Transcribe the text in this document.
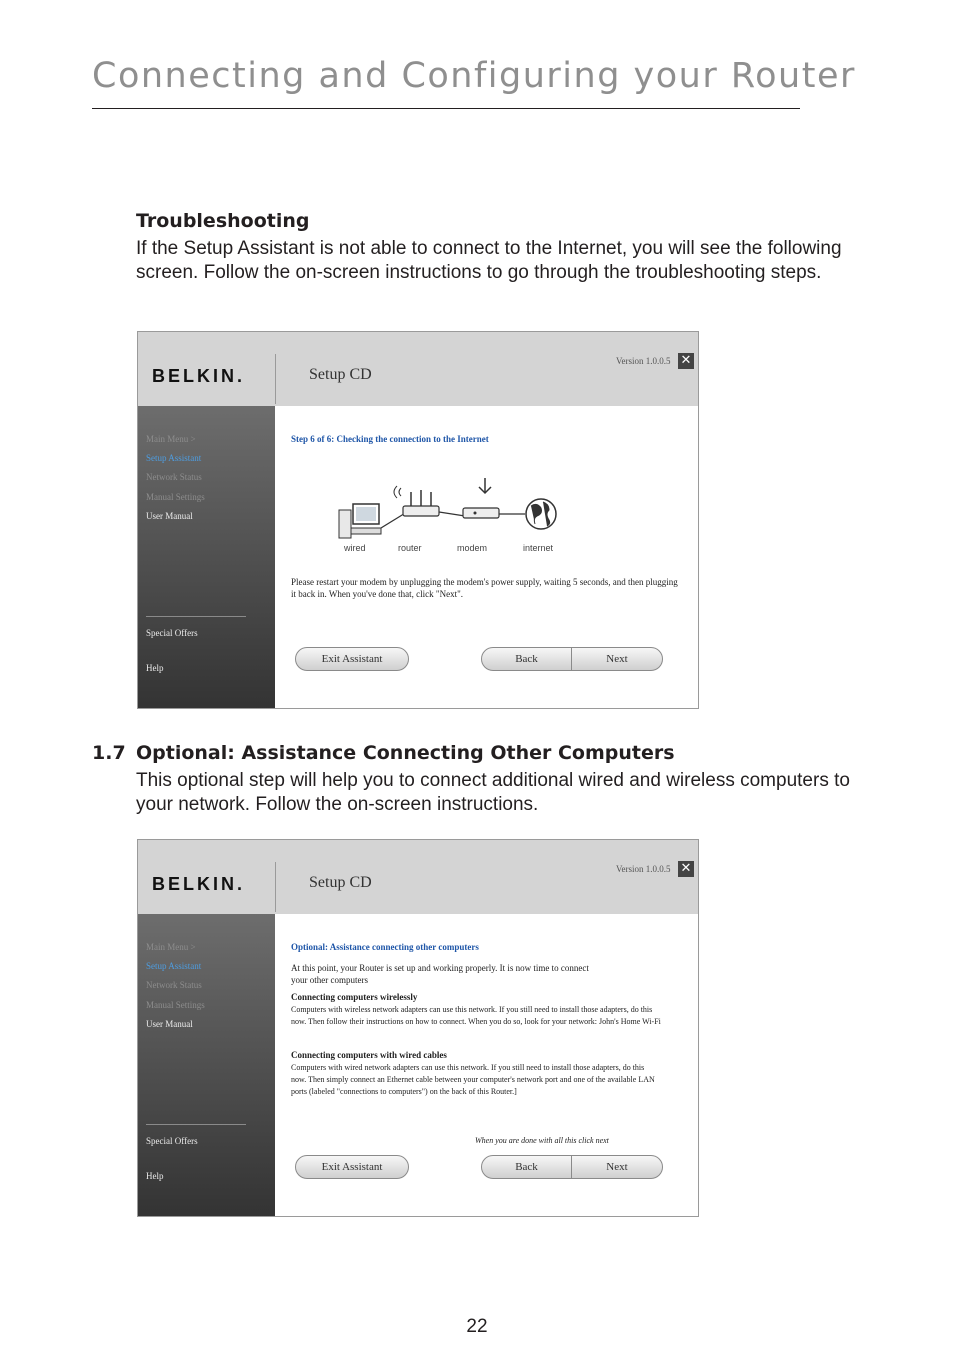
Connecting and Configuring your Router
Troubleshooting
If the Setup Assistant is not able to connect to the Internet, you will see the following screen. Follow the on-screen instructions to go through the troubleshooting steps.
BELKIN.	Setup CD
Version 1.0.0.5 ✕
Main Menu >
Setup Assistant
Network Status
Manual Settings
User Manual
Special Offers
Help
Step 6 of 6: Checking the connection to the Internet
wired	router	modem	internet
Please restart your modem by unplugging the modem's power supply, waiting 5 seconds, and then plugging it back in. When you've done that, click "Next".
Exit Assistant	Back	Next
1.7 Optional: Assistance Connecting Other Computers
This optional step will help you to connect additional wired and wireless computers to your network. Follow the on-screen instructions.
BELKIN.	Setup CD
Version 1.0.0.5 ✕
Main Menu >
Setup Assistant
Network Status
Manual Settings
User Manual
Special Offers
Help
Optional: Assistance connecting other computers
At this point, your Router is set up and working properly. It is now time to connect your other computers
Connecting computers wirelessly
Computers with wireless network adapters can use this network. If you still need to install those adapters, do this now. Then follow their instructions on how to connect. When you do so, look for your network: John's Home Wi-Fi
Connecting computers with wired cables
Computers with wired network adapters can use this network. If you still need to install those adapters, do this now. Then simply connect an Ethernet cable between your computer's network port and one of the available LAN ports (labeled "connections to computers") on the back of this Router.]
When you are done with all this click next
Exit Assistant	Back	Next
22
